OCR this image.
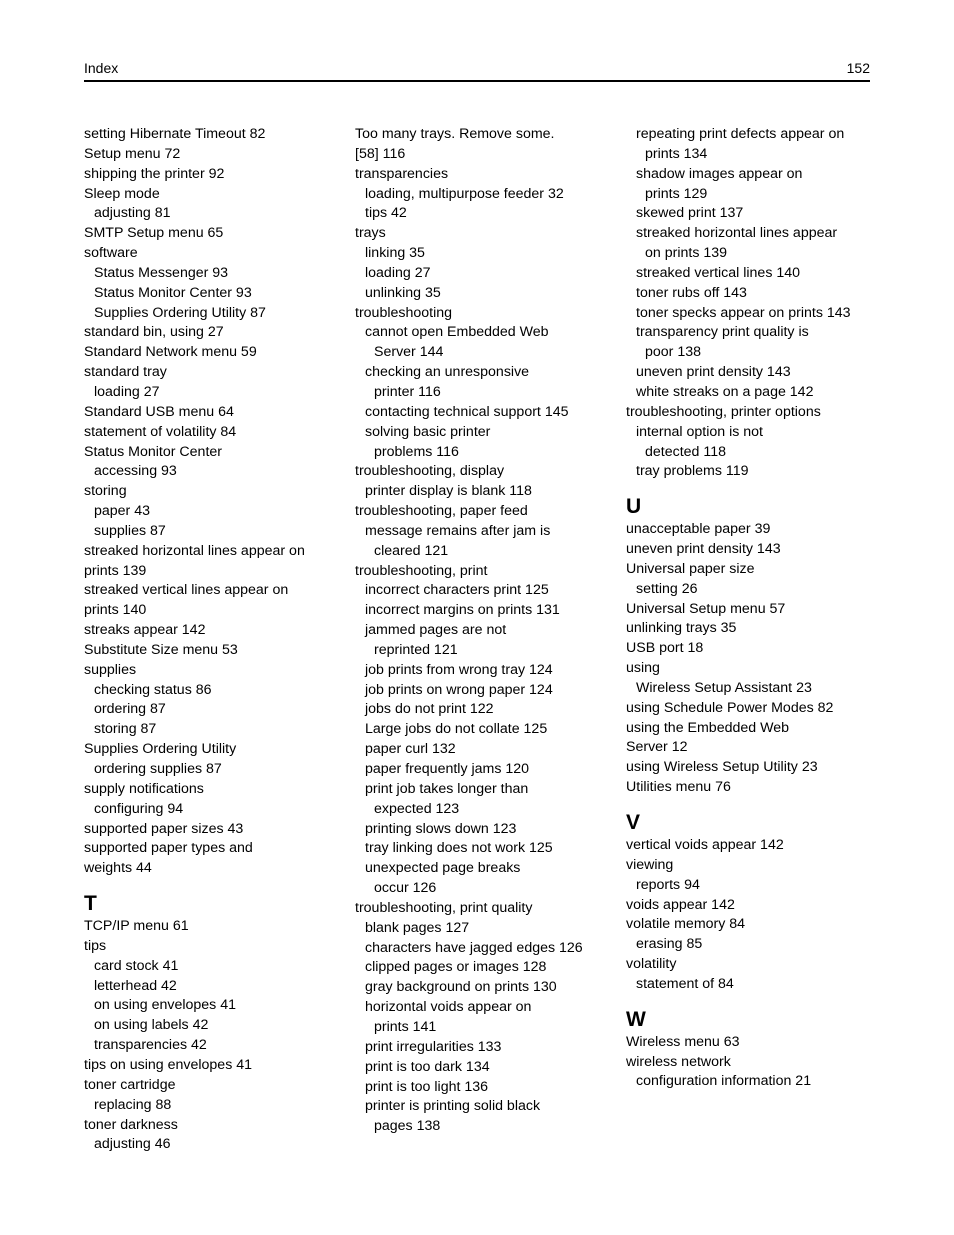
Index	152
setting Hibernate Timeout 82
Setup menu 72
shipping the printer 92
Sleep mode
adjusting 81
SMTP Setup menu 65
software
Status Messenger 93
Status Monitor Center 93
Supplies Ordering Utility 87
standard bin, using 27
Standard Network menu 59
standard tray
loading 27
Standard USB menu 64
statement of volatility 84
Status Monitor Center
accessing 93
storing
paper 43
supplies 87
streaked horizontal lines appear on
prints 139
streaked vertical lines appear on
prints 140
streaks appear 142
Substitute Size menu 53
supplies
checking status 86
ordering 87
storing 87
Supplies Ordering Utility
ordering supplies 87
supply notifications
configuring 94
supported paper sizes 43
supported paper types and
weights 44
T
TCP/IP menu 61
tips
card stock 41
letterhead 42
on using envelopes 41
on using labels 42
transparencies 42
tips on using envelopes 41
toner cartridge
replacing 88
toner darkness
adjusting 46
Too many trays. Remove some.
[58] 116
transparencies
loading, multipurpose feeder 32
tips 42
trays
linking 35
loading 27
unlinking 35
troubleshooting
cannot open Embedded Web
Server 144
checking an unresponsive
printer 116
contacting technical support 145
solving basic printer
problems 116
troubleshooting, display
printer display is blank 118
troubleshooting, paper feed
message remains after jam is
cleared 121
troubleshooting, print
incorrect characters print 125
incorrect margins on prints 131
jammed pages are not
reprinted 121
job prints from wrong tray 124
job prints on wrong paper 124
jobs do not print 122
Large jobs do not collate 125
paper curl 132
paper frequently jams 120
print job takes longer than
expected 123
printing slows down 123
tray linking does not work 125
unexpected page breaks
occur 126
troubleshooting, print quality
blank pages 127
characters have jagged edges 126
clipped pages or images 128
gray background on prints 130
horizontal voids appear on
prints 141
print irregularities 133
print is too dark 134
print is too light 136
printer is printing solid black
pages 138
repeating print defects appear on
prints 134
shadow images appear on
prints 129
skewed print 137
streaked horizontal lines appear
on prints 139
streaked vertical lines 140
toner rubs off 143
toner specks appear on prints 143
transparency print quality is
poor 138
uneven print density 143
white streaks on a page 142
troubleshooting, printer options
internal option is not
detected 118
tray problems 119
U
unacceptable paper 39
uneven print density 143
Universal paper size
setting 26
Universal Setup menu 57
unlinking trays 35
USB port 18
using
Wireless Setup Assistant 23
using Schedule Power Modes 82
using the Embedded Web
Server 12
using Wireless Setup Utility 23
Utilities menu 76
V
vertical voids appear 142
viewing
reports 94
voids appear 142
volatile memory 84
erasing 85
volatility
statement of 84
W
Wireless menu 63
wireless network
configuration information 21
